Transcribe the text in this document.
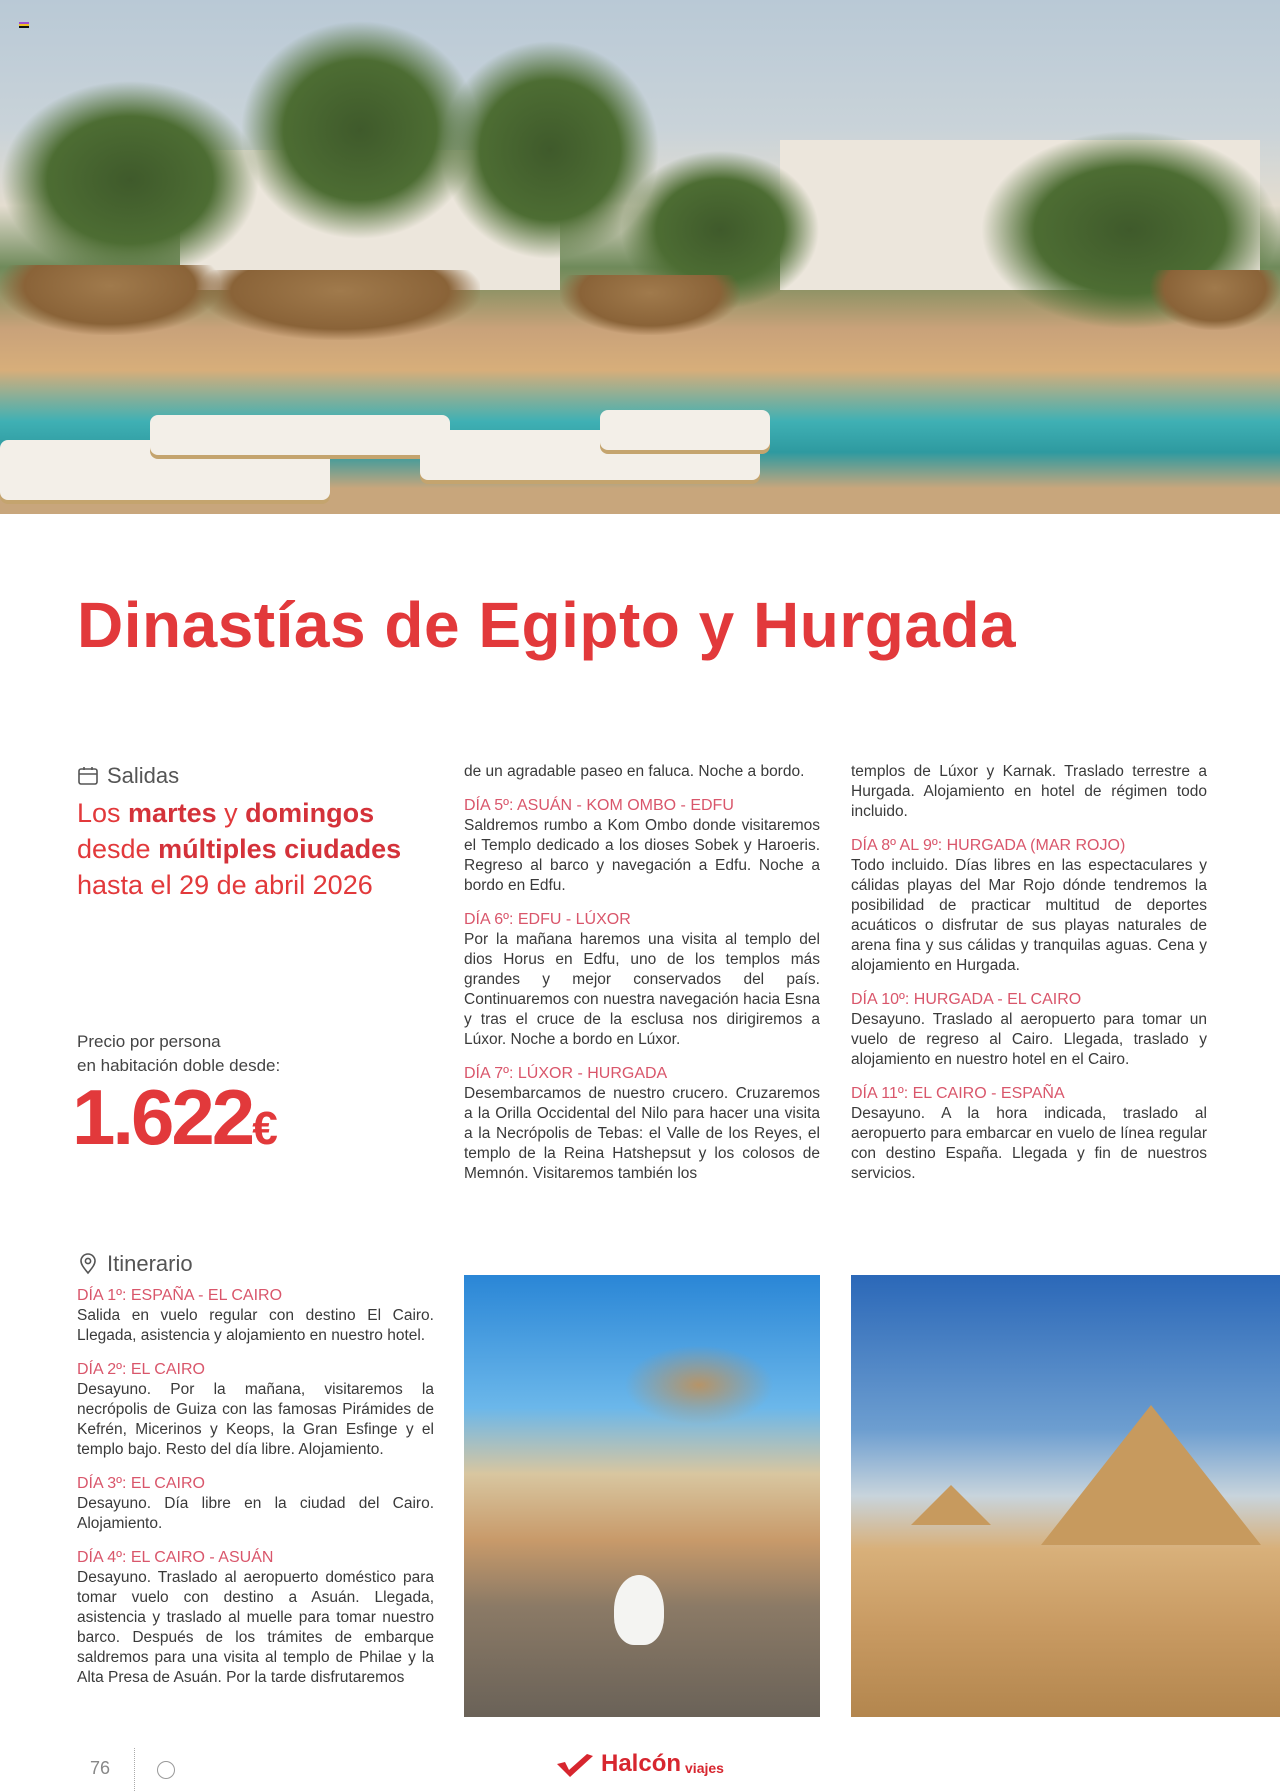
Dinastías de Egipto y Hurgada
Salidas
Los martes y domingos desde múltiples ciudades hasta el 29 de abril 2026
Precio por persona
en habitación doble desde:
1.622€
Itinerario
DÍA 1º: ESPAÑA - EL CAIRO
Salida en vuelo regular con destino El Cairo. Llegada, asistencia y alojamiento en nuestro hotel.
DÍA 2º: EL CAIRO
Desayuno. Por la mañana, visitaremos la necrópolis de Guiza con las famosas Pirámides de Kefrén, Micerinos y Keops, la Gran Esfinge y el templo bajo. Resto del día libre. Alojamiento.
DÍA 3º: EL CAIRO
Desayuno. Día libre en la ciudad del Cairo. Alojamiento.
DÍA 4º: EL CAIRO - ASUÁN
Desayuno. Traslado al aeropuerto doméstico para tomar vuelo con destino a Asuán. Llegada, asistencia y traslado al muelle para tomar nuestro barco. Después de los trámites de embarque saldremos para una visita al templo de Philae y la Alta Presa de Asuán. Por la tarde disfrutaremos
de un agradable paseo en faluca. Noche a bordo.
DÍA 5º: ASUÁN - KOM OMBO - EDFU
Saldremos rumbo a Kom Ombo donde visitaremos el Templo dedicado a los dioses Sobek y Haroeris. Regreso al barco y navegación a Edfu. Noche a bordo en Edfu.
DÍA 6º: EDFU - LÚXOR
Por la mañana haremos una visita al templo del dios Horus en Edfu, uno de los templos más grandes y mejor conservados del país. Continuaremos con nuestra navegación hacia Esna y tras el cruce de la esclusa nos dirigiremos a Lúxor. Noche a bordo en Lúxor.
DÍA 7º: LÚXOR - HURGADA
Desembarcamos de nuestro crucero. Cruzaremos a la Orilla Occidental del Nilo para hacer una visita a la Necrópolis de Tebas: el Valle de los Reyes, el templo de la Reina Hatshepsut y los colosos de Memnón. Visitaremos también los
templos de Lúxor y Karnak. Traslado terrestre a Hurgada. Alojamiento en hotel de régimen todo incluido.
DÍA 8º AL 9º: HURGADA (MAR ROJO)
Todo incluido. Días libres en las espectaculares y cálidas playas del Mar Rojo dónde tendremos la posibilidad de practicar multitud de deportes acuáticos o disfrutar de sus playas naturales de arena fina y sus cálidas y tranquilas aguas. Cena y alojamiento en Hurgada.
DÍA 10º: HURGADA - EL CAIRO
Desayuno. Traslado al aeropuerto para tomar un vuelo de regreso al Cairo. Llegada, traslado y alojamiento en nuestro hotel en el Cairo.
DÍA 11º: EL CAIRO - ESPAÑA
Desayuno. A la hora indicada, traslado al aeropuerto para embarcar en vuelo de línea regular con destino España. Llegada y fin de nuestros servicios.
76	Halcón viajes
